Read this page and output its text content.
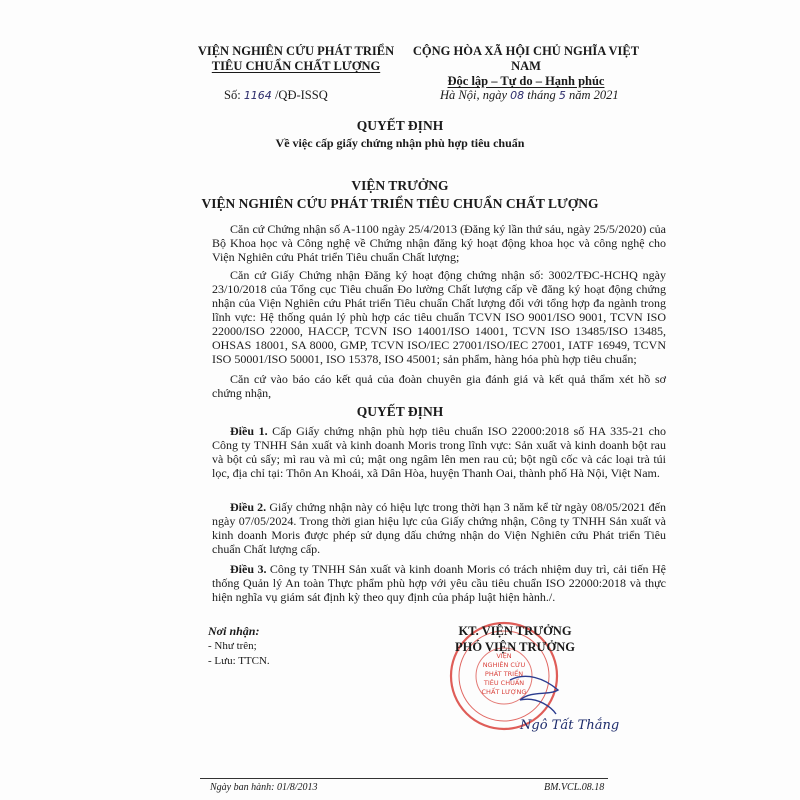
VIỆN NGHIÊN CỨU PHÁT TRIỂN
TIÊU CHUẨN CHẤT LƯỢNG
CỘNG HÒA XÃ HỘI CHỦ NGHĨA VIỆT NAM
Độc lập – Tự do – Hạnh phúc
Số: 1164 /QĐ-ISSQ	Hà Nội, ngày 08 tháng 5 năm 2021
QUYẾT ĐỊNH
Về việc cấp giấy chứng nhận phù hợp tiêu chuẩn
VIỆN TRƯỞNG
VIỆN NGHIÊN CỨU PHÁT TRIỂN TIÊU CHUẨN CHẤT LƯỢNG

Căn cứ Chứng nhận số A-1100 ngày 25/4/2013 (Đăng ký lần thứ sáu, ngày 25/5/2020) của Bộ Khoa học và Công nghệ về Chứng nhận đăng ký hoạt động khoa học và công nghệ cho Viện Nghiên cứu Phát triển Tiêu chuẩn Chất lượng;

Căn cứ Giấy Chứng nhận Đăng ký hoạt động chứng nhận số: 3002/TĐC-HCHQ ngày 23/10/2018 của Tổng cục Tiêu chuẩn Đo lường Chất lượng cấp về đăng ký hoạt động chứng nhận của Viện Nghiên cứu Phát triển Tiêu chuẩn Chất lượng đối với tổng hợp đa ngành trong lĩnh vực: Hệ thống quản lý phù hợp các tiêu chuẩn TCVN ISO 9001/ISO 9001, TCVN ISO 22000/ISO 22000, HACCP, TCVN ISO 14001/ISO 14001, TCVN ISO 13485/ISO 13485, OHSAS 18001, SA 8000, GMP, TCVN ISO/IEC 27001/ISO/IEC 27001, IATF 16949, TCVN ISO 50001/ISO 50001, ISO 15378, ISO 45001; sản phẩm, hàng hóa phù hợp tiêu chuẩn;

Căn cứ vào báo cáo kết quả của đoàn chuyên gia đánh giá và kết quả thẩm xét hồ sơ chứng nhận,

QUYẾT ĐỊNH

Điều 1. Cấp Giấy chứng nhận phù hợp tiêu chuẩn ISO 22000:2018 số HA 335-21 cho Công ty TNHH Sản xuất và kinh doanh Moris trong lĩnh vực: Sản xuất và kinh doanh bột rau và bột củ sấy; mì rau và mì củ; mật ong ngâm lên men rau củ; bột ngũ cốc và các loại trà túi lọc, địa chỉ tại: Thôn An Khoái, xã Dân Hòa, huyện Thanh Oai, thành phố Hà Nội, Việt Nam.

Điều 2. Giấy chứng nhận này có hiệu lực trong thời hạn 3 năm kể từ ngày 08/05/2021 đến ngày 07/05/2024. Trong thời gian hiệu lực của Giấy chứng nhận, Công ty TNHH Sản xuất và kinh doanh Moris được phép sử dụng dấu chứng nhận do Viện Nghiên cứu Phát triển Tiêu chuẩn Chất lượng cấp.

Điều 3. Công ty TNHH Sản xuất và kinh doanh Moris có trách nhiệm duy trì, cải tiến Hệ thống Quản lý An toàn Thực phẩm phù hợp với yêu cầu tiêu chuẩn ISO 22000:2018 và thực hiện nghĩa vụ giám sát định kỳ theo quy định của pháp luật hiện hành./.

Nơi nhận:
- Như trên;
- Lưu: TTCN.	VIỆN
NGHIÊN CỨU
PHÁT TRIỂN
TIÊU CHUẨN
CHẤT LƯỢNG
KT. VIỆN TRƯỞNG
PHÓ VIỆN TRƯỞNG
Ngô Tất Thắng
Ngày ban hành: 01/8/2013	BM.VCL.08.18
